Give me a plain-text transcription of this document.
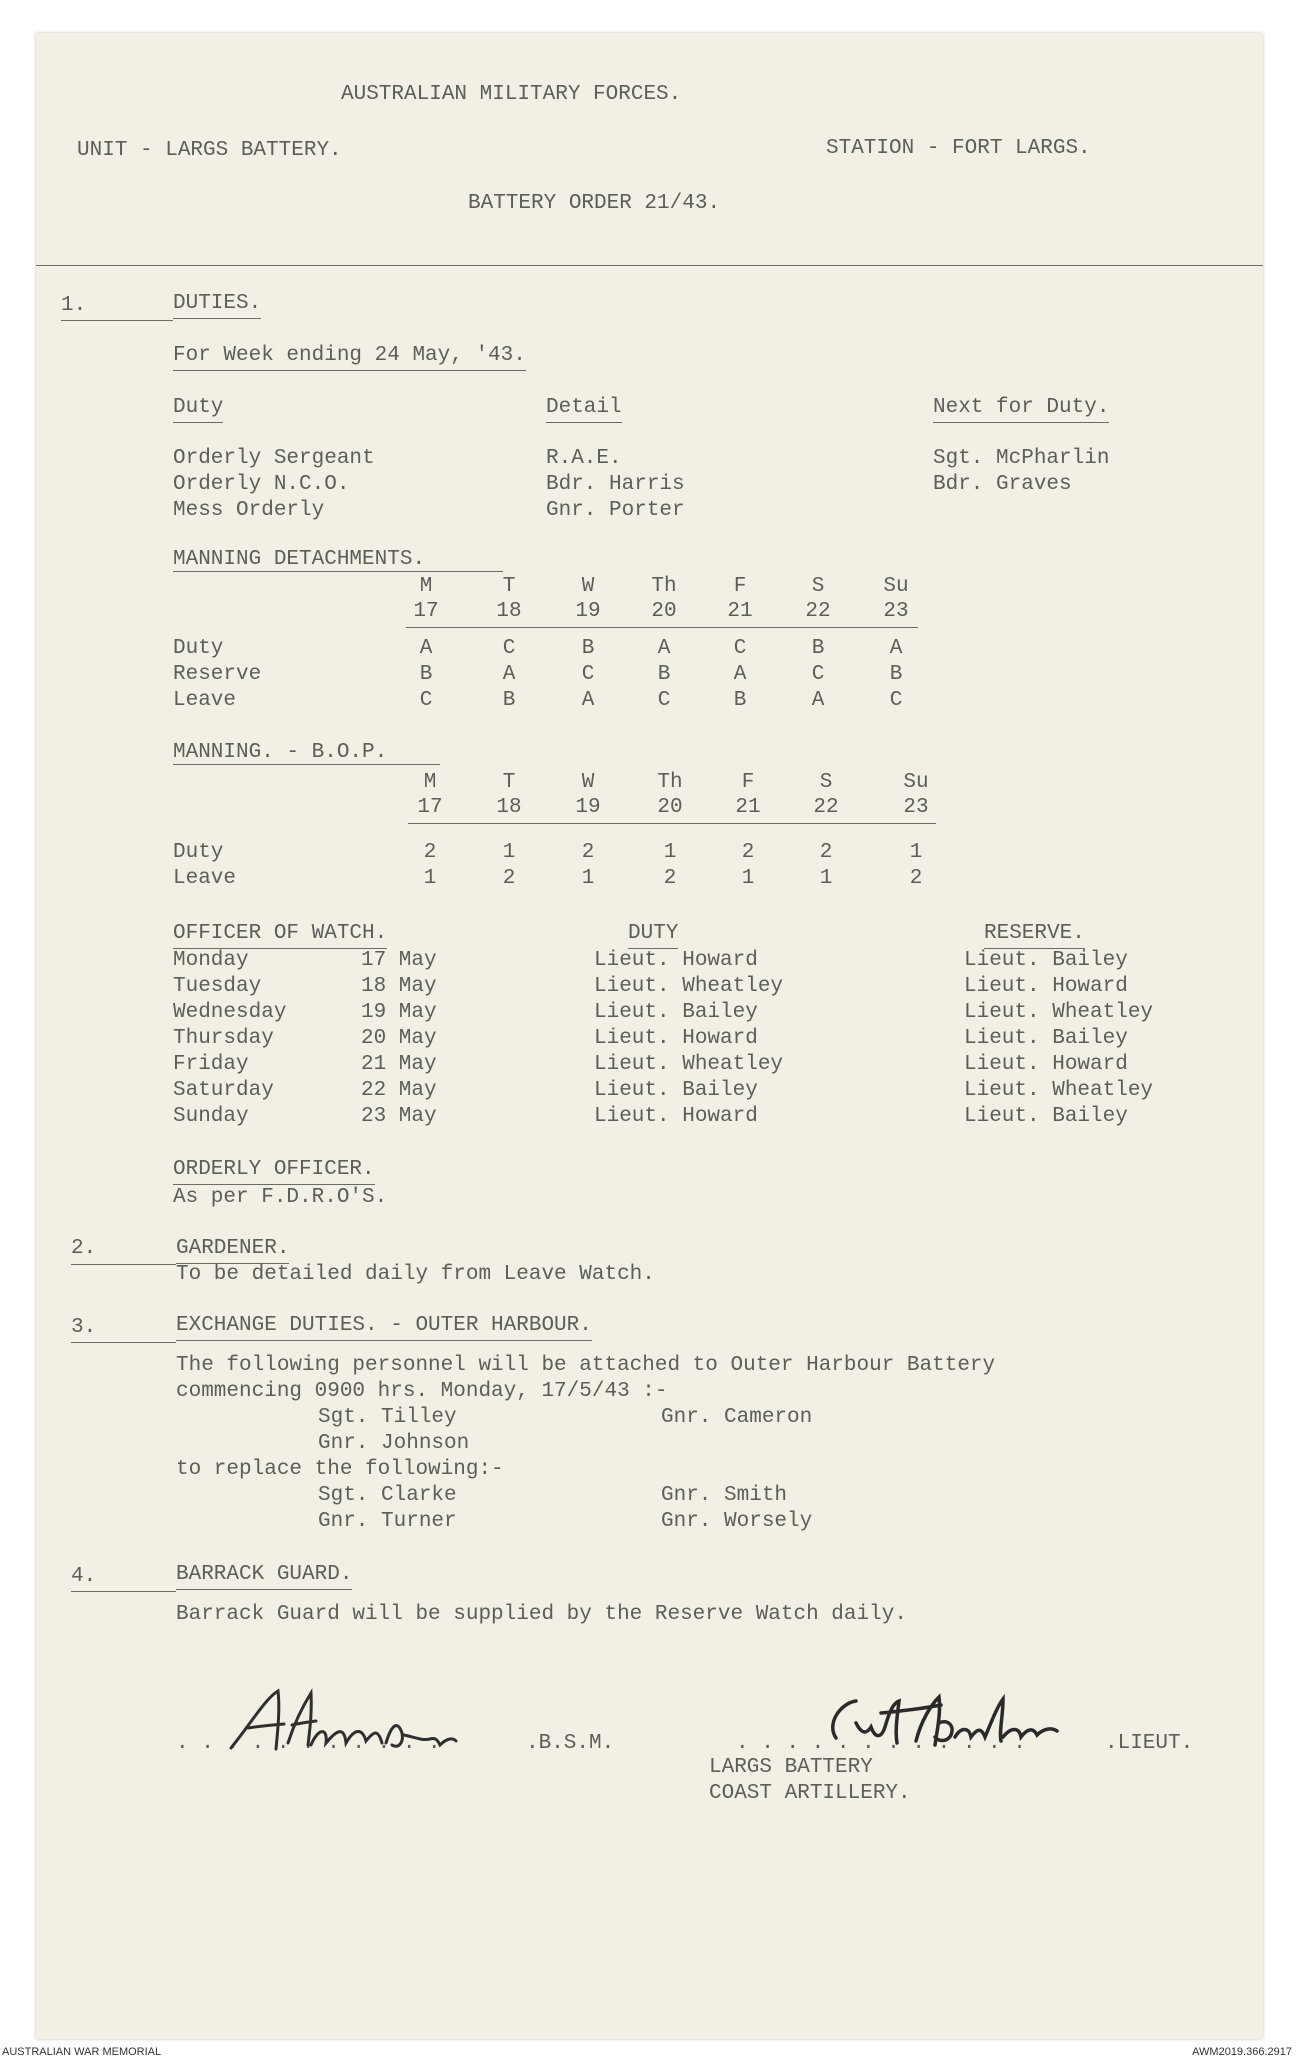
AUSTRALIAN MILITARY FORCES.
UNIT - LARGS BATTERY.	STATION - FORT LARGS.
BATTERY ORDER 21/43.
1.	DUTIES.
For Week ending 24 May, '43.
Duty	Detail	Next for Duty.
Orderly Sergeant	R.A.E.	Sgt. McPharlin
Orderly N.C.O.	Bdr. Harris	Bdr. Graves
Mess Orderly	Gnr. Porter
MANNING DETACHMENTS.
M	T	W	Th	F	S	Su
17	18	19	20	21	22	23
Duty	A	C	B	A	C	B	A
Reserve	B	A	C	B	A	C	B
Leave	C	B	A	C	B	A	C
MANNING. - B.O.P.
M	T	W	Th	F	S	Su
17	18	19	20	21	22	23
Duty	2	1	2	1	2	2	1
Leave	1	2	1	2	1	1	2
OFFICER OF WATCH.	DUTY	RESERVE.
Monday	17 May	Lieut. Howard	Lieut. Bailey
Tuesday	18 May	Lieut. Wheatley	Lieut. Howard
Wednesday	19 May	Lieut. Bailey	Lieut. Wheatley
Thursday	20 May	Lieut. Howard	Lieut. Bailey
Friday	21 May	Lieut. Wheatley	Lieut. Howard
Saturday	22 May	Lieut. Bailey	Lieut. Wheatley
Sunday	23 May	Lieut. Howard	Lieut. Bailey
ORDERLY OFFICER.
As per F.D.R.O'S.
2.	GARDENER.
To be detailed daily from Leave Watch.
3.	EXCHANGE DUTIES. - OUTER HARBOUR.
The following personnel will be attached to Outer Harbour Battery
commencing 0900 hrs. Monday, 17/5/43 :-
Sgt. Tilley	Gnr. Cameron
Gnr. Johnson
to replace the following:-
Sgt. Clarke	Gnr. Smith
Gnr. Turner	Gnr. Worsely
4.	BARRACK GUARD.
Barrack Guard will be supplied by the Reserve Watch daily.
. . . . . . . . . . .	.B.S.M.	. . . . . . . . . . . .	.LIEUT.
LARGS BATTERY
COAST ARTILLERY.
AUSTRALIAN WAR MEMORIAL	AWM2019.366.2917
